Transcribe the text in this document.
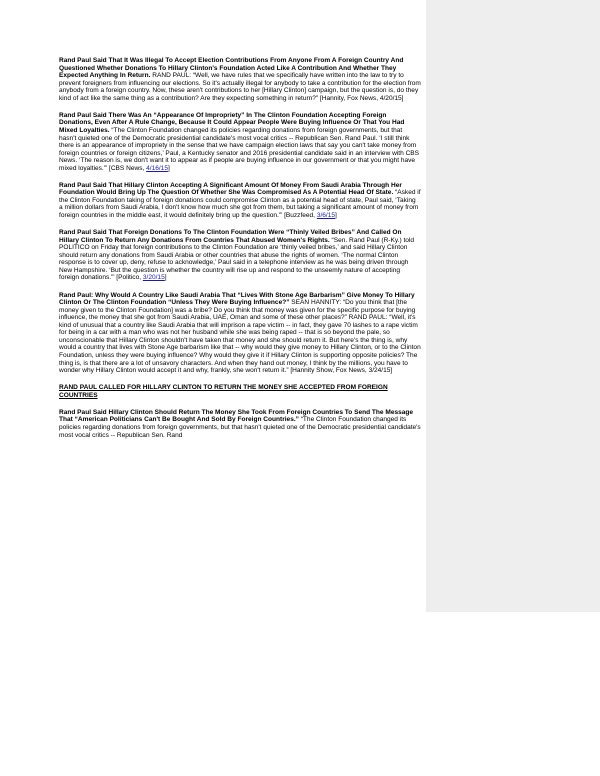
Rand Paul Said That It Was Illegal To Accept Election Contributions From Anyone From A Foreign Country And Questioned Whether Donations To Hillary Clinton's Foundation Acted Like A Contribution And Whether They Expected Anything In Return. RAND PAUL: “Well, we have rules that we specifically have written into the law to try to prevent foreigners from influencing our elections. So it's actually illegal for anybody to take a contribution for the election from anybody from a foreign country. Now, these aren't contributions to her [Hillary Clinton] campaign, but the question is, do they kind of act like the same thing as a contribution? Are they expecting something in return?” [Hannity, Fox News, 4/20/15]

Rand Paul Said There Was An “Appearance Of Impropriety” In The Clinton Foundation Accepting Foreign Donations, Even After A Rule Change, Because It Could Appear People Were Buying Influence Or That You Had Mixed Loyalties. “The Clinton Foundation changed its policies regarding donations from foreign governments, but that hasn't quieted one of the Democratic presidential candidate's most vocal critics -- Republican Sen. Rand Paul. ‘I still think there is an appearance of impropriety in the sense that we have campaign election laws that say you can't take money from foreign countries or foreign citizens,’ Paul, a Kentucky senator and 2016 presidential candidate said in an interview with CBS News. ‘The reason is, we don't want it to appear as if people are buying influence in our government or that you might have mixed loyalties.'” [CBS News, 4/16/15]

Rand Paul Said That Hillary Clinton Accepting A Significant Amount Of Money From Saudi Arabia Through Her Foundation Would Bring Up The Question Of Whether She Was Compromised As A Potential Head Of State. “Asked if the Clinton Foundation taking of foreign donations could compromise Clinton as a potential head of state, Paul said, ‘Taking a million dollars from Saudi Arabia, I don't know how much she got from them, but taking a significant amount of money from foreign countries in the middle east, it would definitely bring up the question.'” [Buzzfeed, 3/6/15]

Rand Paul Said That Foreign Donations To The Clinton Foundation Were “Thinly Veiled Bribes” And Called On Hillary Clinton To Return Any Donations From Countries That Abused Women's Rights. “Sen. Rand Paul (R-Ky.) told POLITICO on Friday that foreign contributions to the Clinton Foundation are ‘thinly veiled bribes,’ and said Hillary Clinton should return any donations from Saudi Arabia or other countries that abuse the rights of women. ‘The normal Clinton response is to cover up, deny, refuse to acknowledge,’ Paul said in a telephone interview as he was being driven through New Hampshire. ‘But the question is whether the country will rise up and respond to the unseemly nature of accepting foreign donations.'” [Politico, 3/20/15]

Rand Paul: Why Would A Country Like Saudi Arabia That “Lives With Stone Age Barbarism” Give Money To Hillary Clinton Or The Clinton Foundation “Unless They Were Buying Influence?” SEAN HANNITY: “Do you think that [the money given to the Clinton Foundation] was a bribe? Do you think that money was given for the specific purpose for buying influence, the money that she got from Saudi Arabia, UAE, Oman and some of these other places?” RAND PAUL: “Well, it's kind of unusual that a country like Saudi Arabia that will imprison a rape victim -- in fact, they gave 70 lashes to a rape victim for being in a car with a man who was not her husband while she was being raped -- that is so beyond the pale, so unconscionable that Hillary Clinton shouldn't have taken that money and she should return it. But here's the thing is, why would a country that lives with Stone Age barbarism like that -- why would they give money to Hillary Clinton, or to the Clinton Foundation, unless they were buying influence? Why would they give it if Hillary Clinton is supporting opposite policies? The thing is, is that there are a lot of unsavory characters. And when they hand out money, I think by the millions, you have to wonder why Hillary Clinton would accept it and why, frankly, she won't return it.” [Hannity Show, Fox News, 3/24/15]

RAND PAUL CALLED FOR HILLARY CLINTON TO RETURN THE MONEY SHE ACCEPTED FROM FOREIGN COUNTRIES

Rand Paul Said Hillary Clinton Should Return The Money She Took From Foreign Countries To Send The Message That “American Politicians Can't Be Bought And Sold By Foreign Countries.” “The Clinton Foundation changed its policies regarding donations from foreign governments, but that hasn't quieted one of the Democratic presidential candidate's most vocal critics -- Republican Sen. Rand
